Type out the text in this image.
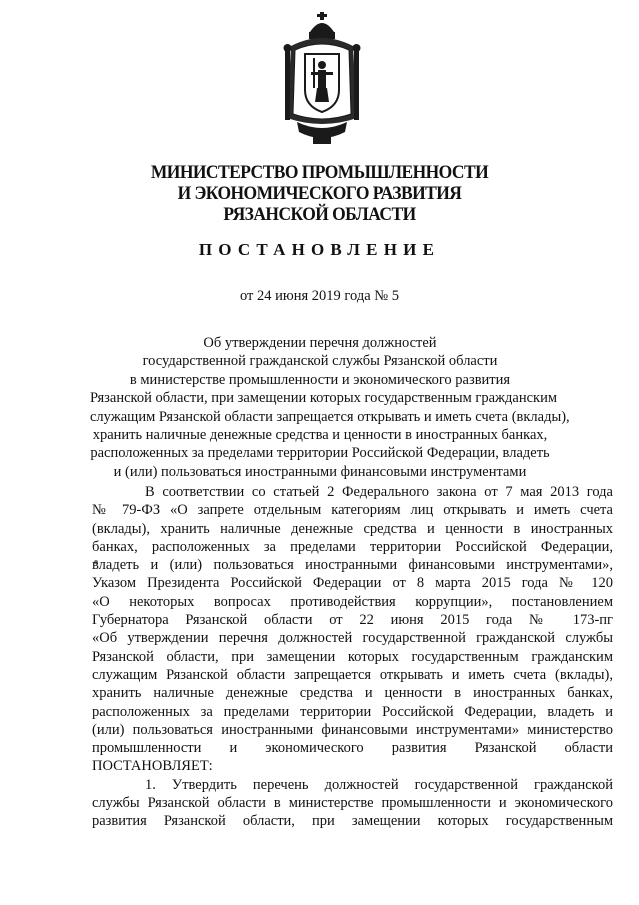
МИНИСТЕРСТВО ПРОМЫШЛЕННОСТИ
И ЭКОНОМИЧЕСКОГО РАЗВИТИЯ
РЯЗАНСКОЙ ОБЛАСТИ
ПОСТАНОВЛЕНИЕ
от 24 июня 2019 года № 5
Об утверждении перечня должностей
государственной гражданской службы Рязанской области
в министерстве промышленности и экономического развития
Рязанской области, при замещении которых государственным гражданским
служащим Рязанской области запрещается открывать и иметь счета (вклады),
хранить наличные денежные средства и ценности в иностранных банках,
расположенных за пределами территории Российской Федерации, владеть
и (или) пользоваться иностранными финансовыми инструментами
В соответствии со статьей 2 Федерального закона от 7 мая 2013 года
№ 79-ФЗ «О запрете отдельным категориям лиц открывать и иметь счета
(вклады), хранить наличные денежные средства и ценности в иностранных
банках, расположенных за пределами территории Российской Федерации,
владеть и (или) пользоваться иностранными финансовыми инструментами»,
Указом Президента Российской Федерации от 8 марта 2015 года № 120
«О некоторых вопросах противодействия коррупции», постановлением
Губернатора Рязанской области от 22 июня 2015 года № 173-пг
«Об утверждении перечня должностей государственной гражданской службы
Рязанской области, при замещении которых государственным гражданским
служащим Рязанской области запрещается открывать и иметь счета (вклады),
хранить наличные денежные средства и ценности в иностранных банках,
расположенных за пределами территории Российской Федерации, владеть и
(или) пользоваться иностранными финансовыми инструментами» министерство
промышленности и экономического развития Рязанской области
ПОСТАНОВЛЯЕТ:
1. Утвердить перечень должностей государственной гражданской
службы Рязанской области в министерстве промышленности и экономического
развития Рязанской области, при замещении которых государственным
